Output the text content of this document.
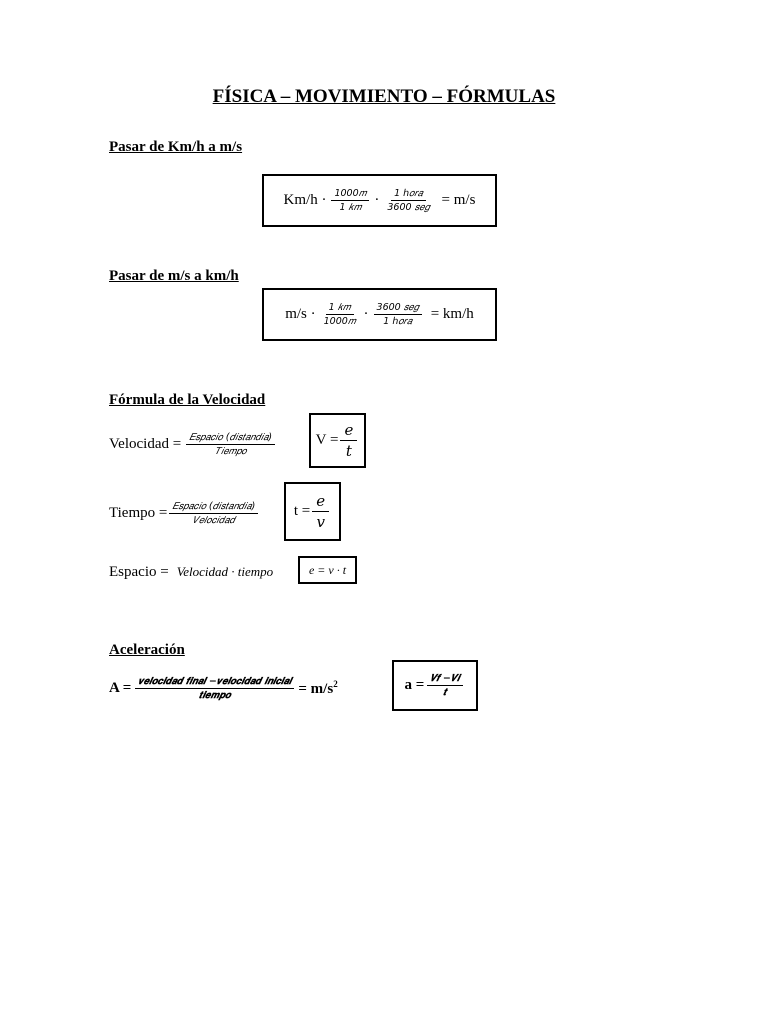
FÍSICA – MOVIMIENTO – FÓRMULAS
Pasar de Km/h a m/s
$Km/h \cdot \frac{\text{1000𝑚}}{\text{1 𝑘𝑚}} \cdot \frac{\text{1 ℎ𝑜𝑟𝑎}}{\text{3600 𝑠𝑒𝑔}} = m/s$
Pasar de m/s a km/h
$m/s \cdot \frac{\text{1 𝑘𝑚}}{\text{1000𝑚}} \cdot \frac{\text{3600 𝑠𝑒𝑔}}{\text{1 ℎ𝑜𝑟𝑎}} = km/h$
Fórmula de la Velocidad
Velocidad = $\frac{\text{𝐸𝑠𝑝𝑎𝑐𝑖𝑜 (𝑑𝑖𝑠𝑡𝑎𝑛𝑑𝑖𝑎)}}{\text{𝑇𝑖𝑒𝑚𝑝𝑜}}$	$V = \frac{\text{𝑒}}{\text{𝑡}}$
Tiempo = $\frac{\text{𝐸𝑠𝑝𝑎𝑐𝑖𝑜 (𝑑𝑖𝑠𝑡𝑎𝑛𝑑𝑖𝑎)}}{\text{𝑉𝑒𝑙𝑜𝑐𝑖𝑑𝑎𝑑}}$ $t = \frac{\text{𝑒}}{\text{𝑣}}$
Espacio = Velocidad · tiempo	e = v · t
Aceleración
A = 𝒗𝒆𝒍𝒐𝒄𝒊𝒅𝒂𝒅 𝒇𝒊𝒏𝒂𝒍 −𝒗𝒆𝒍𝒐𝒄𝒊𝒅𝒂𝒅 𝒊𝒏𝒊𝒄𝒊𝒂𝒍
𝒕𝒊𝒆𝒎𝒑𝒐	= $m/s^2$	$a = \frac{\text{𝑽𝒇 −𝑽𝒊}}{\text{𝒕}}$
